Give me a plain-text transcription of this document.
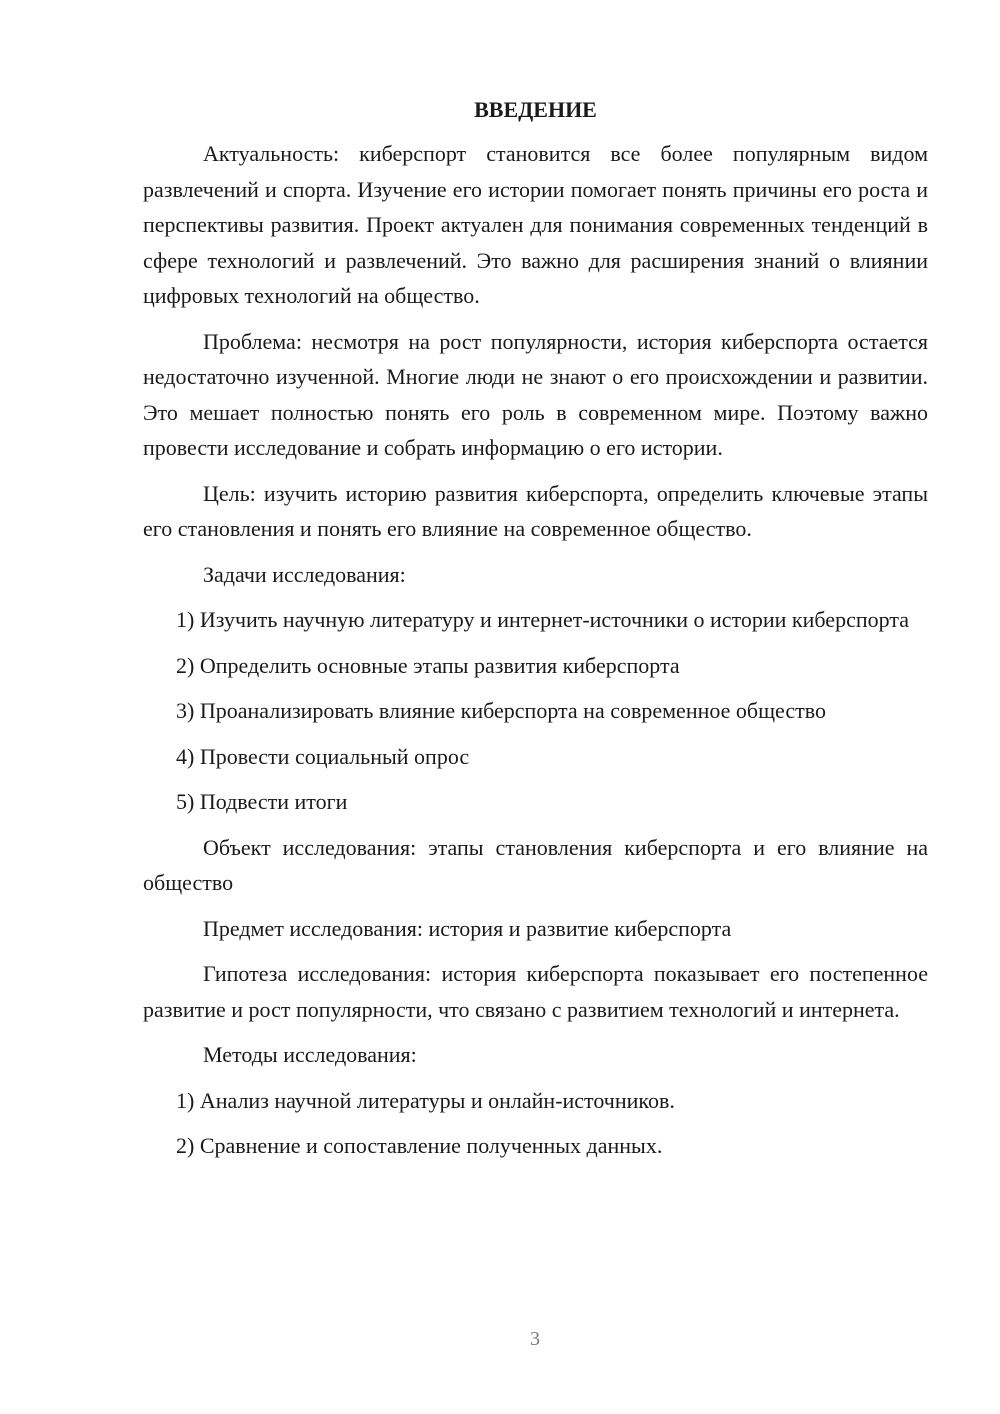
ВВЕДЕНИЕ

Актуальность: киберспорт становится все более популярным видом развлечений и спорта. Изучение его истории помогает понять причины его роста и перспективы развития. Проект актуален для понимания современных тенденций в сфере технологий и развлечений. Это важно для расширения знаний о влиянии цифровых технологий на общество.

Проблема: несмотря на рост популярности, история киберспорта остается недостаточно изученной. Многие люди не знают о его происхождении и развитии. Это мешает полностью понять его роль в современном мире. Поэтому важно провести исследование и собрать информацию о его истории.

Цель: изучить историю развития киберспорта, определить ключевые этапы его становления и понять его влияние на современное общество.

Задачи исследования:

1) Изучить научную литературу и интернет-источники о истории киберспорта

2) Определить основные этапы развития киберспорта

3) Проанализировать влияние киберспорта на современное общество

4) Провести социальный опрос

5) Подвести итоги

Объект исследования: этапы становления киберспорта и его влияние на общество

Предмет исследования: история и развитие киберспорта

Гипотеза исследования: история киберспорта показывает его постепенное развитие и рост популярности, что связано с развитием технологий и интернета.

Методы исследования:

1) Анализ научной литературы и онлайн-источников.

2) Сравнение и сопоставление полученных данных.

3
